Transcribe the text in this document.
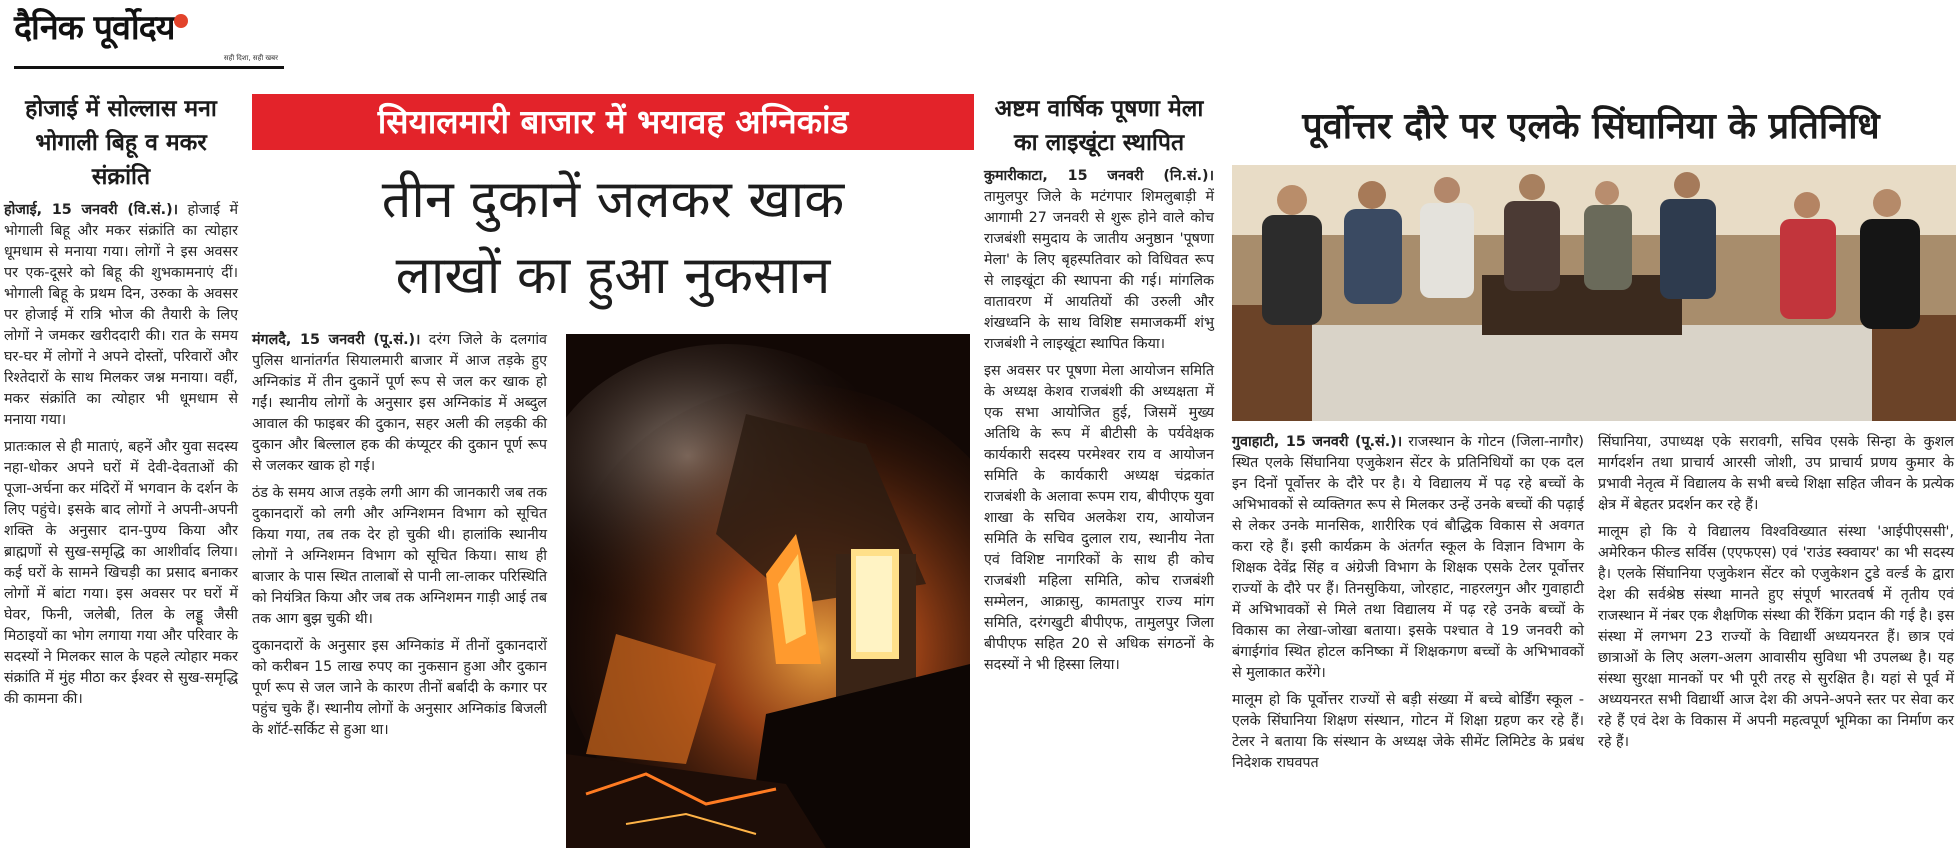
दैनिक पूर्वोदय
सही दिशा, सही खबर
होजाई में सोल्लास मना भोगाली बिहू व मकर संक्रांति

होजाई, 15 जनवरी (वि.सं.)। होजाई में भोगाली बिहू और मकर संक्रांति का त्योहार धूमधाम से मनाया गया। लोगों ने इस अवसर पर एक-दूसरे को बिहू की शुभकामनाएं दीं। भोगाली बिहू के प्रथम दिन, उरुका के अवसर पर होजाई में रात्रि भोज की तैयारी के लिए लोगों ने जमकर खरीददारी की। रात के समय घर-घर में लोगों ने अपने दोस्तों, परिवारों और रिश्तेदारों के साथ मिलकर जश्न मनाया। वहीं, मकर संक्रांति का त्योहार भी धूमधाम से मनाया गया।

प्रातःकाल से ही माताएं, बहनें और युवा सदस्य नहा-धोकर अपने घरों में देवी-देवताओं की पूजा-अर्चना कर मंदिरों में भगवान के दर्शन के लिए पहुंचे। इसके बाद लोगों ने अपनी-अपनी शक्ति के अनुसार दान-पुण्य किया और ब्राह्मणों से सुख-समृद्धि का आशीर्वाद लिया। कई घरों के सामने खिचड़ी का प्रसाद बनाकर लोगों में बांटा गया। इस अवसर पर घरों में घेवर, फिनी, जलेबी, तिल के लड्डू जैसी मिठाइयों का भोग लगाया गया और परिवार के सदस्यों ने मिलकर साल के पहले त्योहार मकर संक्रांति में मुंह मीठा कर ईश्वर से सुख-समृद्धि की कामना की।

सियालमारी बाजार में भयावह अग्निकांड
तीन दुकानें जलकर खाक
लाखों का हुआ नुकसान

मंगलदै, 15 जनवरी (पू.सं.)। दरंग जिले के दलगांव पुलिस थानांतर्गत सियालमारी बाजार में आज तड़के हुए अग्निकांड में तीन दुकानें पूर्ण रूप से जल कर खाक हो गईं। स्थानीय लोगों के अनुसार इस अग्निकांड में अब्दुल आवाल की फाइबर की दुकान, सहर अली की लड़की की दुकान और बिल्लाल हक की कंप्यूटर की दुकान पूर्ण रूप से जलकर खाक हो गई।

ठंड के समय आज तड़के लगी आग की जानकारी जब तक दुकानदारों को लगी और अग्निशमन विभाग को सूचित किया गया, तब तक देर हो चुकी थी। हालांकि स्थानीय लोगों ने अग्निशमन विभाग को सूचित किया। साथ ही बाजार के पास स्थित तालाबों से पानी ला-लाकर परिस्थिति को नियंत्रित किया और जब तक अग्निशमन गाड़ी आई तब तक आग बुझ चुकी थी।

दुकानदारों के अनुसार इस अग्निकांड में तीनों दुकानदारों को करीबन 15 लाख रुपए का नुकसान हुआ और दुकान पूर्ण रूप से जल जाने के कारण तीनों बर्बादी के कगार पर पहुंच चुके हैं। स्थानीय लोगों के अनुसार अग्निकांड बिजली के शॉर्ट-सर्किट से हुआ था।

अष्टम वार्षिक पूषणा मेला का लाइखूंटा स्थापित

कुमारीकाटा, 15 जनवरी (नि.सं.)। तामुलपुर जिले के मटंगपार शिमलुबाड़ी में आगामी 27 जनवरी से शुरू होने वाले कोच राजबंशी समुदाय के जातीय अनुष्ठान 'पूषणा मेला' के लिए बृहस्पतिवार को विधिवत रूप से लाइखूंटा की स्थापना की गई। मांगलिक वातावरण में आयतियों की उरुली और शंखध्वनि के साथ विशिष्ट समाजकर्मी शंभु राजबंशी ने लाइखूंटा स्थापित किया।

इस अवसर पर पूषणा मेला आयोजन समिति के अध्यक्ष केशव राजबंशी की अध्यक्षता में एक सभा आयोजित हुई, जिसमें मुख्य अतिथि के रूप में बीटीसी के पर्यवेक्षक कार्यकारी सदस्य परमेश्वर राय व आयोजन समिति के कार्यकारी अध्यक्ष चंद्रकांत राजबंशी के अलावा रूपम राय, बीपीएफ युवा शाखा के सचिव अलकेश राय, आयोजन समिति के सचिव दुलाल राय, स्थानीय नेता एवं विशिष्ट नागरिकों के साथ ही कोच राजबंशी महिला समिति, कोच राजबंशी सम्मेलन, आक्रासु, कामतापुर राज्य मांग समिति, दरंगखुटी बीपीएफ, तामुलपुर जिला बीपीएफ सहित 20 से अधिक संगठनों के सदस्यों ने भी हिस्सा लिया।

पूर्वोत्तर दौरे पर एलके सिंघानिया के प्रतिनिधि

गुवाहाटी, 15 जनवरी (पू.सं.)। राजस्थान के गोटन (जिला-नागौर) स्थित एलके सिंघानिया एजुकेशन सेंटर के प्रतिनिधियों का एक दल इन दिनों पूर्वोत्तर के दौरे पर है। ये विद्यालय में पढ़ रहे बच्चों के अभिभावकों से व्यक्तिगत रूप से मिलकर उन्हें उनके बच्चों की पढ़ाई से लेकर उनके मानसिक, शारीरिक एवं बौद्धिक विकास से अवगत करा रहे हैं। इसी कार्यक्रम के अंतर्गत स्कूल के विज्ञान विभाग के शिक्षक देवेंद्र सिंह व अंग्रेजी विभाग के शिक्षक एसके टेलर पूर्वोत्तर राज्यों के दौरे पर हैं। तिनसुकिया, जोरहाट, नाहरलगुन और गुवाहाटी में अभिभावकों से मिले तथा विद्यालय में पढ़ रहे उनके बच्चों के विकास का लेखा-जोखा बताया। इसके पश्चात वे 19 जनवरी को बंगाईगांव स्थित होटल कनिष्का में शिक्षकगण बच्चों के अभिभावकों से मुलाकात करेंगे।

मालूम हो कि पूर्वोत्तर राज्यों से बड़ी संख्या में बच्चे बोर्डिंग स्कूल - एलके सिंघानिया शिक्षण संस्थान, गोटन में शिक्षा ग्रहण कर रहे हैं। टेलर ने बताया कि संस्थान के अध्यक्ष जेके सीमेंट लिमिटेड के प्रबंध निदेशक राघवपत

सिंघानिया, उपाध्यक्ष एके सरावगी, सचिव एसके सिन्हा के कुशल मार्गदर्शन तथा प्राचार्य आरसी जोशी, उप प्राचार्य प्रणय कुमार के प्रभावी नेतृत्व में विद्यालय के सभी बच्चे शिक्षा सहित जीवन के प्रत्येक क्षेत्र में बेहतर प्रदर्शन कर रहे हैं।

मालूम हो कि ये विद्यालय विश्वविख्यात संस्था 'आईपीएससी', अमेरिकन फील्ड सर्विस (एएफएस) एवं 'राउंड स्क्वायर' का भी सदस्य है। एलके सिंघानिया एजुकेशन सेंटर को एजुकेशन टुडे वर्ल्ड के द्वारा देश की सर्वश्रेष्ठ संस्था मानते हुए संपूर्ण भारतवर्ष में तृतीय एवं राजस्थान में नंबर एक शैक्षणिक संस्था की रैंकिंग प्रदान की गई है। इस संस्था में लगभग 23 राज्यों के विद्यार्थी अध्ययनरत हैं। छात्र एवं छात्राओं के लिए अलग-अलग आवासीय सुविधा भी उपलब्ध है। यह संस्था सुरक्षा मानकों पर भी पूरी तरह से सुरक्षित है। यहां से पूर्व में अध्ययनरत सभी विद्यार्थी आज देश की अपने-अपने स्तर पर सेवा कर रहे हैं एवं देश के विकास में अपनी महत्वपूर्ण भूमिका का निर्माण कर रहे हैं।
